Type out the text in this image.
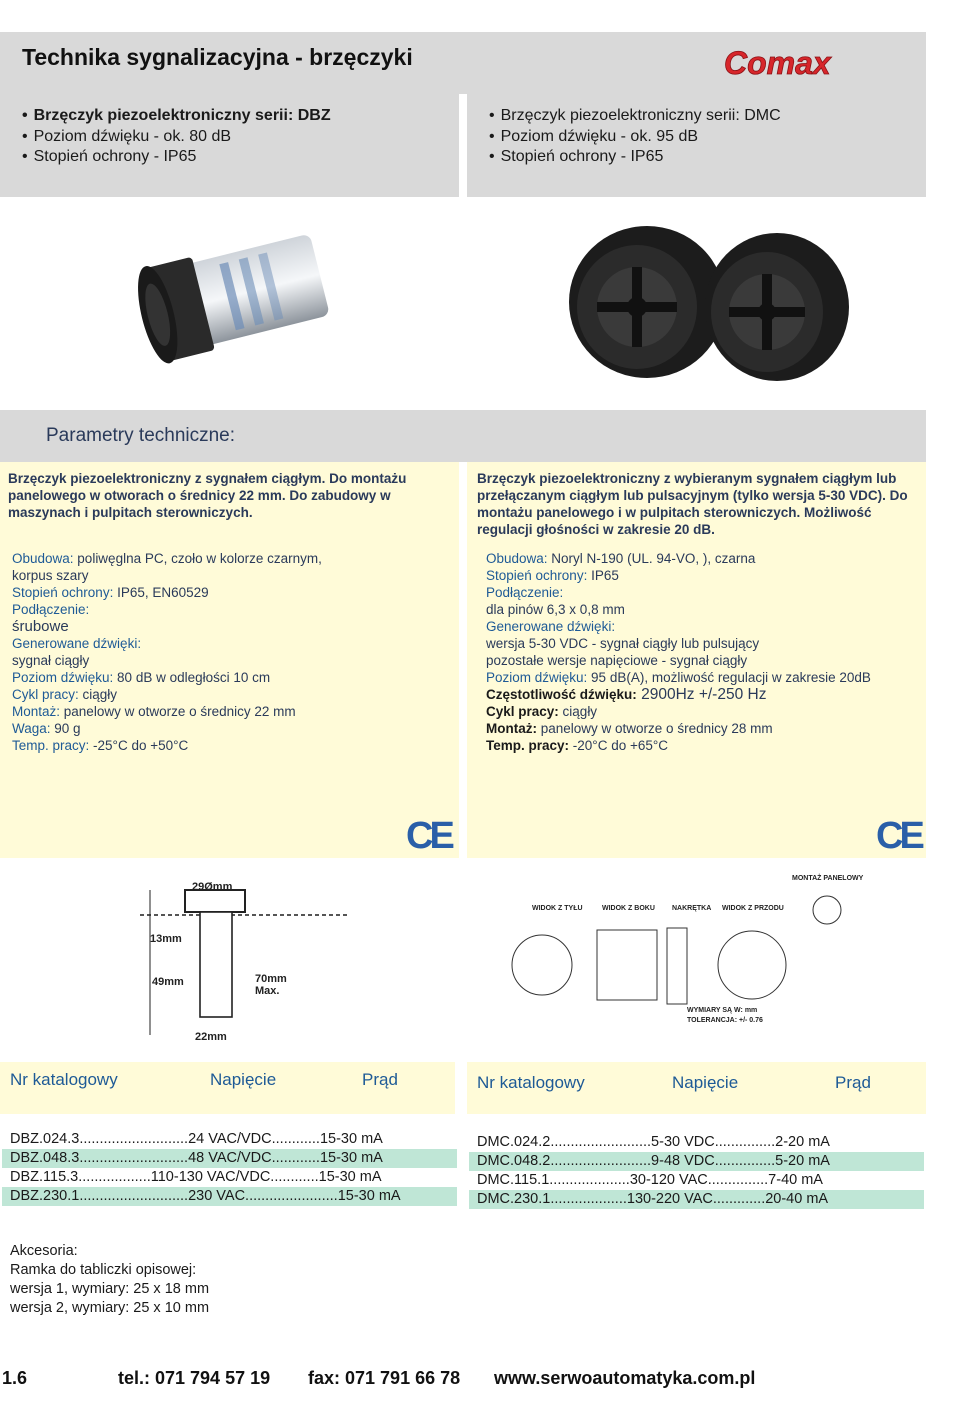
Technika sygnalizacyjna - brzęczyki	Comax
• Brzęczyk piezoelektroniczny serii: DBZ
• Poziom dźwięku - ok. 80 dB
• Stopień ochrony - IP65
• Brzęczyk piezoelektroniczny serii: DMC
• Poziom dźwięku - ok. 95 dB
• Stopień ochrony - IP65
Parametry techniczne:
Brzęczyk piezoelektroniczny z sygnałem ciągłym. Do montażu panelowego w otworach o średnicy 22 mm. Do zabudowy w maszynach i pulpitach sterowniczych.
Brzęczyk piezoelektroniczny z wybieranym sygnałem ciągłym lub przełączanym ciągłym lub pulsacyjnym (tylko wersja 5-30 VDC). Do montażu panelowego i w pulpitach sterowniczych. Możliwość regulacji głośności w zakresie 20 dB.
Obudowa: poliwęglna PC, czoło w kolorze czarnym,
korpus szary
Stopień ochrony: IP65, EN60529
Podłączenie:
śrubowe
Generowane dźwięki:
sygnał ciągły
Poziom dźwięku: 80 dB w odległości 10 cm
Cykl pracy: ciągły
Montaż: panelowy w otworze o średnicy 22 mm
Waga: 90 g
Temp. pracy: -25°C do +50°C
Obudowa: Noryl N-190 (UL. 94-VO, ), czarna
Stopień ochrony: IP65
Podłączenie:
dla pinów 6,3 x 0,8 mm
Generowane dźwięki:
wersja 5-30 VDC - sygnał ciągły lub pulsujący
pozostałe wersje napięciowe - sygnał ciągły
Poziom dźwięku: 95 dB(A), możliwość regulacji w zakresie 20dB
Częstotliwość dźwięku: 2900Hz +/-250 Hz
Cykl pracy: ciągły
Montaż: panelowy w otworze o średnicy 28 mm
Temp. pracy: -20°C do +65°C
CE	CE
29Ømm
13mm
49mm	70mm
Max.
22mm
WIDOK Z TYŁU	WIDOK Z BOKU NAKRĘTKA WIDOK Z PRZODU
MONTAŻ PANELOWY
WYMIARY SĄ W: mm
TOLERANCJA: +/- 0.76
Nr katalogowy	Napięcie	Prąd	Nr katalogowy	Napięcie	Prąd
DBZ.024.3...........................24 VAC/VDC............15-30 mA
DBZ.048.3...........................48 VAC/VDC............15-30 mA
DBZ.115.3..................110-130 VAC/VDC............15-30 mA
DBZ.230.1...........................230 VAC.......................15-30 mA
DMC.024.2.........................5-30 VDC...............2-20 mA
DMC.048.2.........................9-48 VDC...............5-20 mA
DMC.115.1....................30-120 VAC...............7-40 mA
DMC.230.1...................130-220 VAC.............20-40 mA
Akcesoria:
Ramka do tabliczki opisowej:
wersja 1, wymiary: 25 x 18 mm
wersja 2, wymiary: 25 x 10 mm
1.6	tel.: 071 794 57 19 fax: 071 791 66 78 www.serwoautomatyka.com.pl
